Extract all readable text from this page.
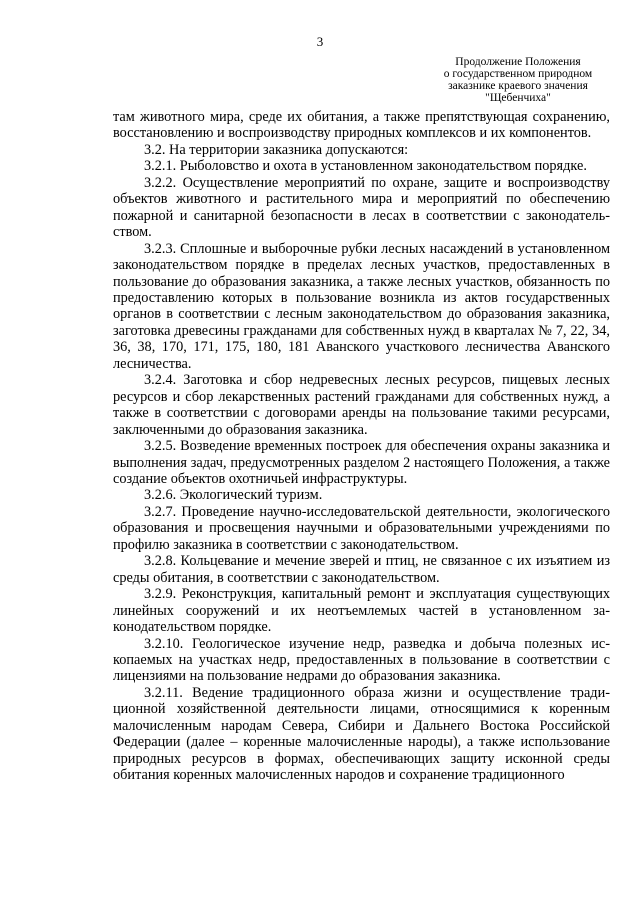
3
Продолжение Положения
о государственном природном
заказнике краевого значения
"Щебенчиха"

там животного мира, среде их обитания, а также препятствующая сохранению, восстановлению и воспроизводству природных комплексов и их компонентов.

3.2. На территории заказника допускаются:

3.2.1. Рыболовство и охота в установленном законодательством порядке.

3.2.2. Осуществление мероприятий по охране, защите и воспроизводству объектов животного и растительного мира и мероприятий по обеспечению пожарной и санитарной безопасности в лесах в соответствии с законодательством.

3.2.3. Сплошные и выборочные рубки лесных насаждений в установленном законодательством порядке в пределах лесных участков, предоставленных в пользование до образования заказника, а также лесных участков, обязанность по предоставлению которых в пользование возникла из актов государственных органов в соответствии с лесным законодательством до образования заказника, заготовка древесины гражданами для собственных нужд в кварталах № 7, 22, 34, 36, 38, 170, 171, 175, 180, 181 Аванского участкового лесничества Аванского лесничества.

3.2.4. Заготовка и сбор недревесных лесных ресурсов, пищевых лесных ресурсов и сбор лекарственных растений гражданами для собственных нужд, а также в соответствии с договорами аренды на пользование такими ресурсами, заключенными до образования заказника.

3.2.5. Возведение временных построек для обеспечения охраны заказника и выполнения задач, предусмотренных разделом 2 настоящего Положения, а также создание объектов охотничьей инфраструктуры.

3.2.6. Экологический туризм.

3.2.7. Проведение научно-исследовательской деятельности, экологического образования и просвещения научными и образовательными учреждениями по профилю заказника в соответствии с законодательством.

3.2.8. Кольцевание и мечение зверей и птиц, не связанное с их изъятием из среды обитания, в соответствии с законодательством.

3.2.9. Реконструкция, капитальный ремонт и эксплуатация существующих линейных сооружений и их неотъемлемых частей в установленном законодательством порядке.

3.2.10. Геологическое изучение недр, разведка и добыча полезных ископаемых на участках недр, предоставленных в пользование в соответствии с лицензиями на пользование недрами до образования заказника.

3.2.11. Ведение традиционного образа жизни и осуществление традиционной хозяйственной деятельности лицами, относящимися к коренным малочисленным народам Севера, Сибири и Дальнего Востока Российской Федерации (далее – коренные малочисленные народы), а также использование природных ресурсов в формах, обеспечивающих защиту исконной среды обитания коренных малочисленных народов и сохранение традиционного
